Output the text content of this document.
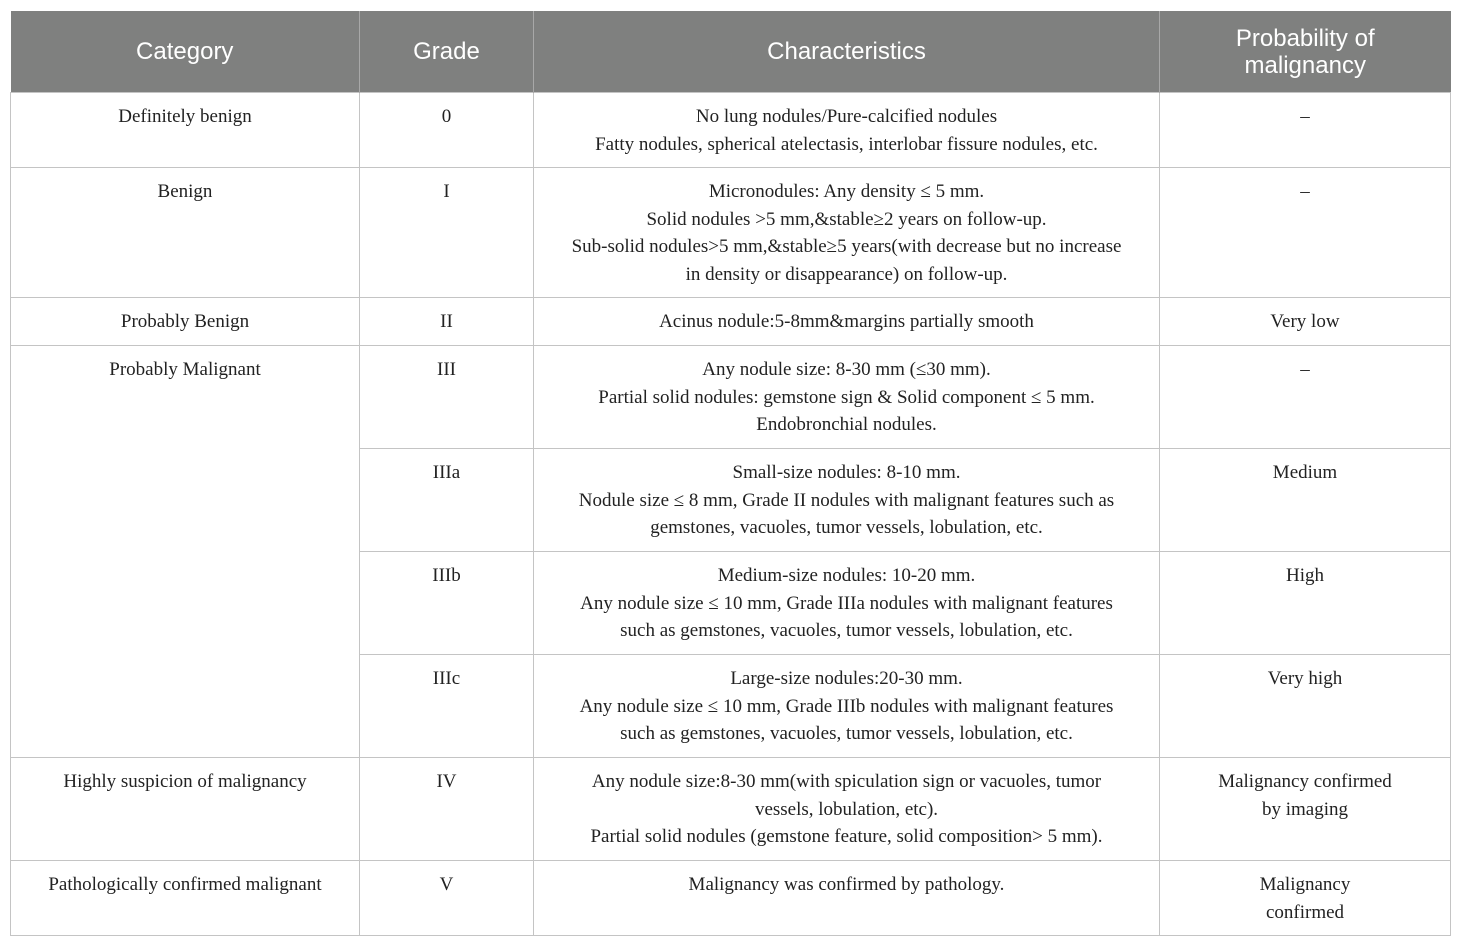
Category	Grade	Characteristics	Probability of malignancy
Definitely benign	0	No lung nodules/Pure-calcified nodules
Fatty nodules, spherical atelectasis, interlobar fissure nodules, etc.	–

Benign	I	Micronodules: Any density ≤ 5 mm.
Solid nodules >5 mm,&stable≥2 years on follow-up.
Sub-solid nodules>5 mm,&stable≥5 years(with decrease but no increase
in density or disappearance) on follow-up.	–

Probably Benign	II	Acinus nodule:5-8mm&margins partially smooth	Very low

Probably Malignant	III	Any nodule size: 8-30 mm (≤30 mm).
Partial solid nodules: gemstone sign & Solid component ≤ 5 mm.
Endobronchial nodules.	–

	IIIa	Small-size nodules: 8-10 mm.
Nodule size ≤ 8 mm, Grade II nodules with malignant features such as
gemstones, vacuoles, tumor vessels, lobulation, etc.	Medium

	IIIb	Medium-size nodules: 10-20 mm.
Any nodule size ≤ 10 mm, Grade IIIa nodules with malignant features
such as gemstones, vacuoles, tumor vessels, lobulation, etc.	High

	IIIc	Large-size nodules:20-30 mm.
Any nodule size ≤ 10 mm, Grade IIIb nodules with malignant features
such as gemstones, vacuoles, tumor vessels, lobulation, etc.	Very high

Highly suspicion of malignancy	IV	Any nodule size:8-30 mm(with spiculation sign or vacuoles, tumor
vessels, lobulation, etc).
Partial solid nodules (gemstone feature, solid composition> 5 mm).	Malignancy confirmed
by imaging

Pathologically confirmed malignant	V	Malignancy was confirmed by pathology.	Malignancy
confirmed
